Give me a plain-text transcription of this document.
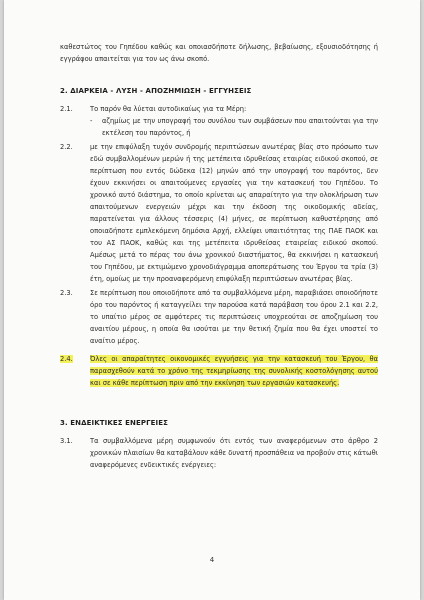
καθεστώτος του Γηπέδου καθώς και οποιασδήποτε δήλωσης, βεβαίωσης, εξουσιοδότησης ή εγγράφου απαιτείται για τον ως άνω σκοπό.

2. ΔΙΑΡΚΕΙΑ - ΛΥΣΗ - ΑΠΟΖΗΜΙΩΣΗ - ΕΓΓΥΗΣΕΙΣ

2.1.	Το παρόν θα λύεται αυτοδικαίως για τα Μέρη:
-	αζημίως με την υπογραφή του συνόλου των συμβάσεων που απαιτούνται για την εκτέλεση του παρόντος, ή
2.2.	με την επιφύλαξη τυχόν συνδρομής περιπτώσεων ανωτέρας βίας στο πρόσωπο των εδώ συμβαλλομένων μερών ή της μετέπειτα ιδρυθείσας εταιρίας ειδικού σκοπού, σε περίπτωση που εντός δώδεκα (12) μηνών από την υπογραφή του παρόντος, δεν έχουν εκκινήσει οι απαιτούμενες εργασίες για την κατασκευή του Γηπέδου. Το χρονικό αυτό διάστημα, το οποίο κρίνεται ως απαραίτητο για την ολοκλήρωση των απαιτούμενων ενεργειών μέχρι και την έκδοση της οικοδομικής αδείας, παρατείνεται για άλλους τέσσερις (4) μήνες, σε περίπτωση καθυστέρησης από οποιαδήποτε εμπλεκόμενη δημόσια Αρχή, ελλείψει υπαιτιότητας της ΠΑΕ ΠΑΟΚ και του ΑΣ ΠΑΟΚ, καθώς και της μετέπειτα ιδρυθείσας εταιρείας ειδικού σκοπού. Αμέσως μετά το πέρας του άνω χρονικού διαστήματος, θα εκκινήσει η κατασκευή του Γηπέδου, με εκτιμώμενο χρονοδιάγραμμα αποπεράτωσης του Έργου τα τρία (3) έτη, ομοίως με την προαναφερόμενη επιφύλαξη περιπτώσεων ανωτέρας βίας.
2.3.	Σε περίπτωση που οποιοδήποτε από τα συμβαλλόμενα μέρη, παραβιάσει οποιοδήποτε όρο του παρόντος ή καταγγείλει την παρούσα κατά παράβαση του όρου 2.1 και 2.2, το υπαίτιο μέρος σε αμφότερες τις περιπτώσεις υποχρεούται σε αποζημίωση του αναιτίου μέρους, η οποία θα ισούται με την θετική ζημία που θα έχει υποστεί το αναίτιο μέρος.
2.4.	Όλες οι απαραίτητες οικονομικές εγγυήσεις για την κατασκευή του Έργου, θα παρασχεθούν κατά το χρόνο της τεκμηρίωσης της συνολικής κοστολόγησης αυτού και σε κάθε περίπτωση πριν από την εκκίνηση των εργασιών κατασκευής.

3. ΕΝΔΕΙΚΤΙΚΕΣ ΕΝΕΡΓΕΙΕΣ

3.1.	Τα συμβαλλόμενα μέρη συμφωνούν ότι εντός των αναφερόμενων στο άρθρο 2 χρονικών πλαισίων θα καταβάλουν κάθε δυνατή προσπάθεια να προβούν στις κάτωθι αναφερόμενες ενδεικτικές ενέργειες:
4
